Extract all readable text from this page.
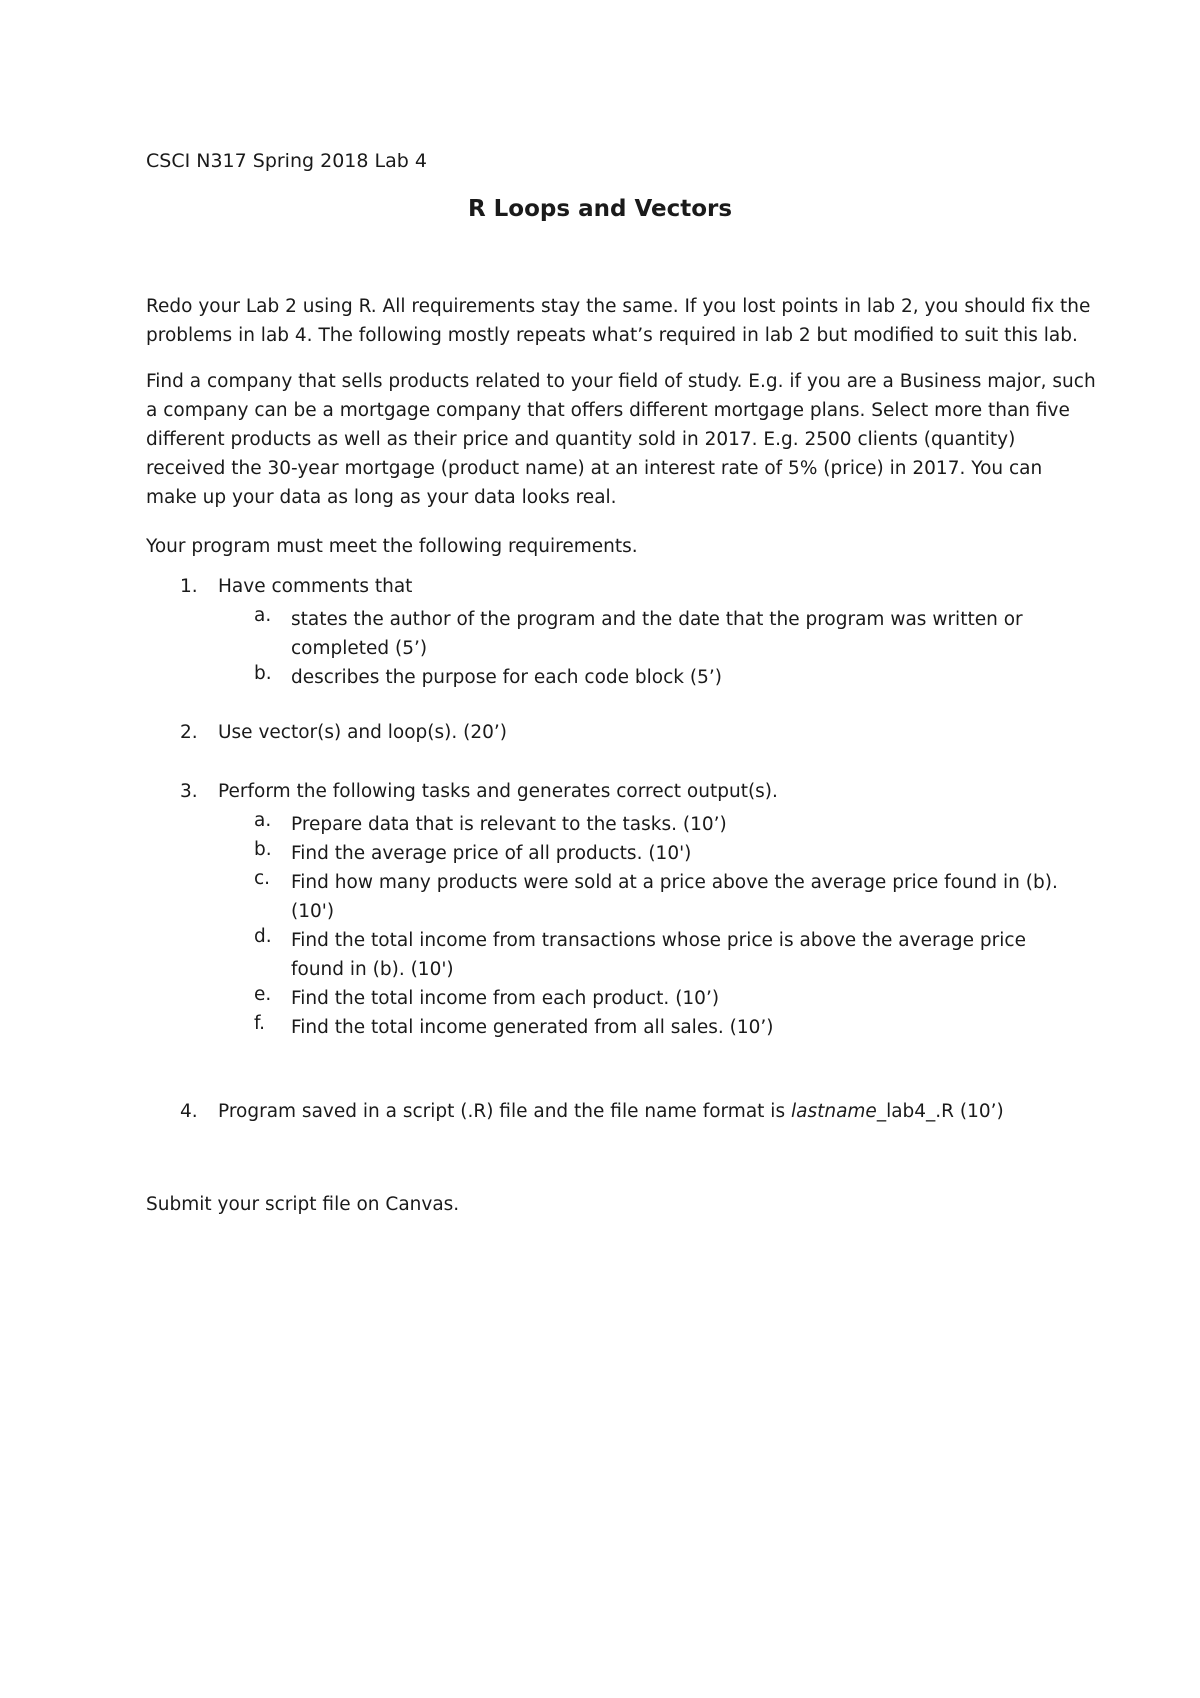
CSCI N317 Spring 2018 Lab 4
R Loops and Vectors
Redo your Lab 2 using R. All requirements stay the same. If you lost points in lab 2, you should fix the
problems in lab 4. The following mostly repeats what’s required in lab 2 but modified to suit this lab.
Find a company that sells products related to your field of study. E.g. if you are a Business major, such
a company can be a mortgage company that offers different mortgage plans. Select more than five
different products as well as their price and quantity sold in 2017. E.g. 2500 clients (quantity)
received the 30-year mortgage (product name) at an interest rate of 5% (price) in 2017. You can
make up your data as long as your data looks real.
Your program must meet the following requirements.
1. Have comments that
a. states the author of the program and the date that the program was written or
completed (5’)
b. describes the purpose for each code block (5’)
2. Use vector(s) and loop(s). (20’)
3. Perform the following tasks and generates correct output(s).
a. Prepare data that is relevant to the tasks. (10’)
b. Find the average price of all products. (10')
c. Find how many products were sold at a price above the average price found in (b).
(10')
d. Find the total income from transactions whose price is above the average price
found in (b). (10')
e. Find the total income from each product. (10’)
f. Find the total income generated from all sales. (10’)
4. Program saved in a script (.R) file and the file name format is lastname_lab4_.R (10’)
Submit your script file on Canvas.
